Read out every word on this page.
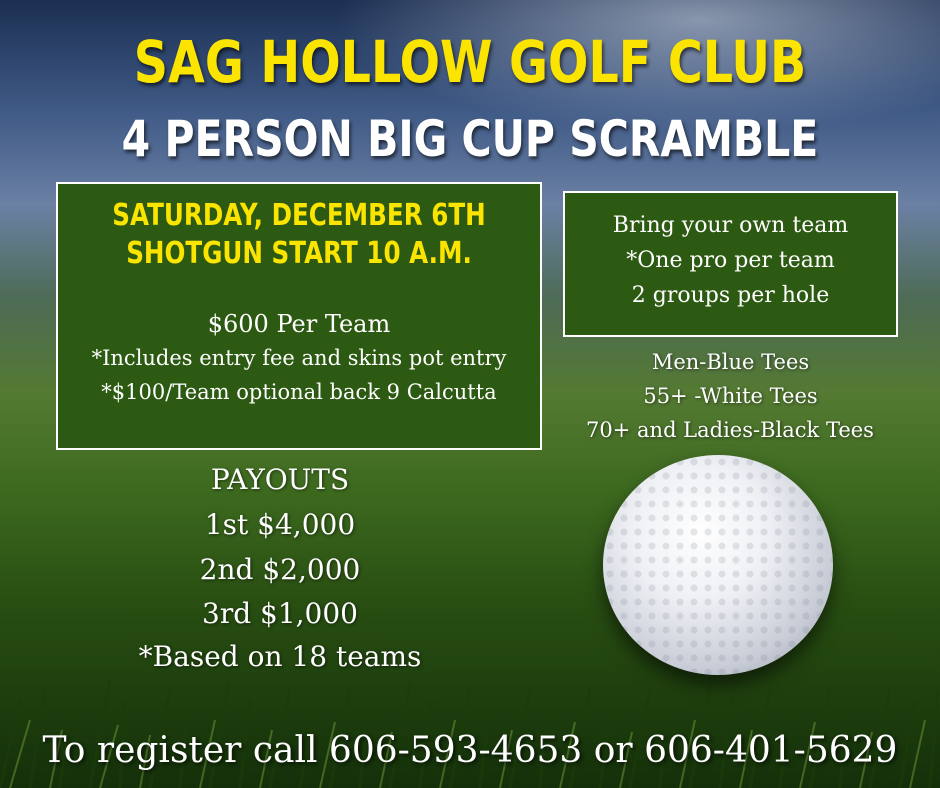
SAG HOLLOW GOLF CLUB
4 PERSON BIG CUP SCRAMBLE
SATURDAY, DECEMBER 6TH
SHOTGUN START 10 A.M.
$600 Per Team
*Includes entry fee and skins pot entry
*$100/Team optional back 9 Calcutta
Bring your own team
*One pro per team
2 groups per hole
Men-Blue Tees
55+ -White Tees
70+ and Ladies-Black Tees
PAYOUTS
1st $4,000
2nd $2,000
3rd $1,000
*Based on 18 teams
To register call 606-593-4653 or 606-401-5629
